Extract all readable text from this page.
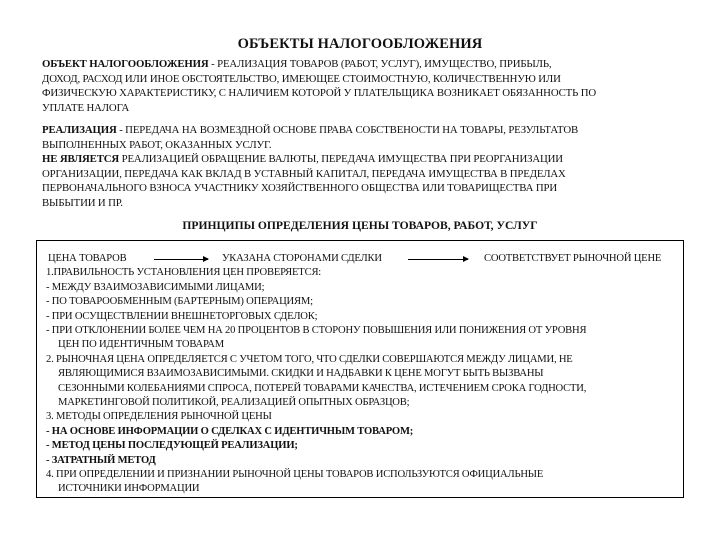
ОБЪЕКТЫ НАЛОГООБЛОЖЕНИЯ
ОБЪЕКТ НАЛОГООБЛОЖЕНИЯ - РЕАЛИЗАЦИЯ ТОВАРОВ (РАБОТ, УСЛУГ), ИМУЩЕСТВО, ПРИБЫЛЬ,
ДОХОД, РАСХОД ИЛИ ИНОЕ ОБСТОЯТЕЛЬСТВО, ИМЕЮЩЕЕ СТОИМОСТНУЮ, КОЛИЧЕСТВЕННУЮ ИЛИ
ФИЗИЧЕСКУЮ ХАРАКТЕРИСТИКУ, С НАЛИЧИЕМ КОТОРОЙ У ПЛАТЕЛЬЩИКА ВОЗНИКАЕТ ОБЯЗАННОСТЬ ПО
УПЛАТЕ НАЛОГА
РЕАЛИЗАЦИЯ - ПЕРЕДАЧА НА ВОЗМЕЗДНОЙ ОСНОВЕ ПРАВА СОБСТВЕНОСТИ НА ТОВАРЫ, РЕЗУЛЬТАТОВ
ВЫПОЛНЕННЫХ РАБОТ, ОКАЗАННЫХ УСЛУГ.
НЕ ЯВЛЯЕТСЯ РЕАЛИЗАЦИЕЙ ОБРАЩЕНИЕ ВАЛЮТЫ, ПЕРЕДАЧА ИМУЩЕСТВА ПРИ РЕОРГАНИЗАЦИИ
ОРГАНИЗАЦИИ, ПЕРЕДАЧА КАК ВКЛАД В УСТАВНЫЙ КАПИТАЛ, ПЕРЕДАЧА ИМУЩЕСТВА В ПРЕДЕЛАХ
ПЕРВОНАЧАЛЬНОГО ВЗНОСА УЧАСТНИКУ ХОЗЯЙСТВЕННОГО ОБЩЕСТВА ИЛИ ТОВАРИЩЕСТВА ПРИ
ВЫБЫТИИ И ПР.
ПРИНЦИПЫ ОПРЕДЕЛЕНИЯ ЦЕНЫ ТОВАРОВ, РАБОТ, УСЛУГ
ЦЕНА ТОВАРОВ	УКАЗАНА СТОРОНАМИ СДЕЛКИ	СООТВЕТСТВУЕТ РЫНОЧНОЙ ЦЕНЕ
1.ПРАВИЛЬНОСТЬ УСТАНОВЛЕНИЯ ЦЕН ПРОВЕРЯЕТСЯ:
- МЕЖДУ ВЗАИМОЗАВИСИМЫМИ ЛИЦАМИ;
- ПО ТОВАРООБМЕННЫМ (БАРТЕРНЫМ) ОПЕРАЦИЯМ;
- ПРИ ОСУЩЕСТВЛЕНИИ ВНЕШНЕТОРГОВЫХ СДЕЛОК;
- ПРИ ОТКЛОНЕНИИ БОЛЕЕ ЧЕМ НА 20 ПРОЦЕНТОВ В СТОРОНУ ПОВЫШЕНИЯ ИЛИ ПОНИЖЕНИЯ ОТ УРОВНЯ
ЦЕН ПО ИДЕНТИЧНЫМ ТОВАРАМ
2. РЫНОЧНАЯ ЦЕНА ОПРЕДЕЛЯЕТСЯ С УЧЕТОМ ТОГО, ЧТО СДЕЛКИ СОВЕРШАЮТСЯ МЕЖДУ ЛИЦАМИ, НЕ
ЯВЛЯЮЩИМИСЯ ВЗАИМОЗАВИСИМЫМИ. СКИДКИ И НАДБАВКИ К ЦЕНЕ МОГУТ БЫТЬ ВЫЗВАНЫ
СЕЗОННЫМИ КОЛЕБАНИЯМИ СПРОСА, ПОТЕРЕЙ ТОВАРАМИ КАЧЕСТВА, ИСТЕЧЕНИЕМ СРОКА ГОДНОСТИ,
МАРКЕТИНГОВОЙ ПОЛИТИКОЙ, РЕАЛИЗАЦИЕЙ ОПЫТНЫХ ОБРАЗЦОВ;
3. МЕТОДЫ ОПРЕДЕЛЕНИЯ РЫНОЧНОЙ ЦЕНЫ
- НА ОСНОВЕ ИНФОРМАЦИИ О СДЕЛКАХ С ИДЕНТИЧНЫМ ТОВАРОМ;
- МЕТОД ЦЕНЫ ПОСЛЕДУЮЩЕЙ РЕАЛИЗАЦИИ;
- ЗАТРАТНЫЙ МЕТОД
4. ПРИ ОПРЕДЕЛЕНИИ И ПРИЗНАНИИ РЫНОЧНОЙ ЦЕНЫ ТОВАРОВ ИСПОЛЬЗУЮТСЯ ОФИЦИАЛЬНЫЕ
ИСТОЧНИКИ ИНФОРМАЦИИ
